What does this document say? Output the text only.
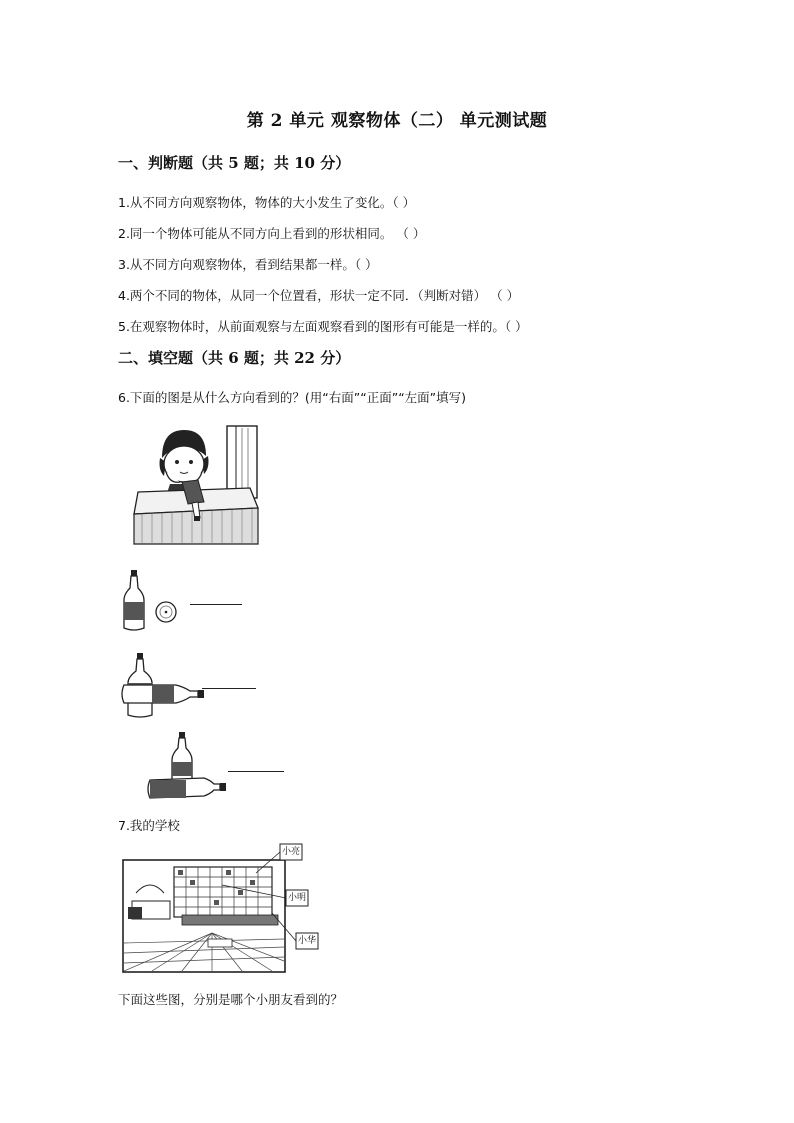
第 2 单元 观察物体（二） 单元测试题
一、判断题（共 5 题；共 10 分）
1.从不同方向观察物体，物体的大小发生了变化。（ ）
2.同一个物体可能从不同方向上看到的形状相同。 （ ）
3.从不同方向观察物体，看到结果都一样。（ ）
4.两个不同的物体，从同一个位置看，形状一定不同．（判断对错） （ ）
5.在观察物体时，从前面观察与左面观察看到的图形有可能是一样的。（ ）
二、填空题（共 6 题；共 22 分）
6.下面的图是从什么方向看到的？(用“右面”“正面”“左面”填写)
7.我的学校
小亮
小明
小华
下面这些图，分别是哪个小朋友看到的？
